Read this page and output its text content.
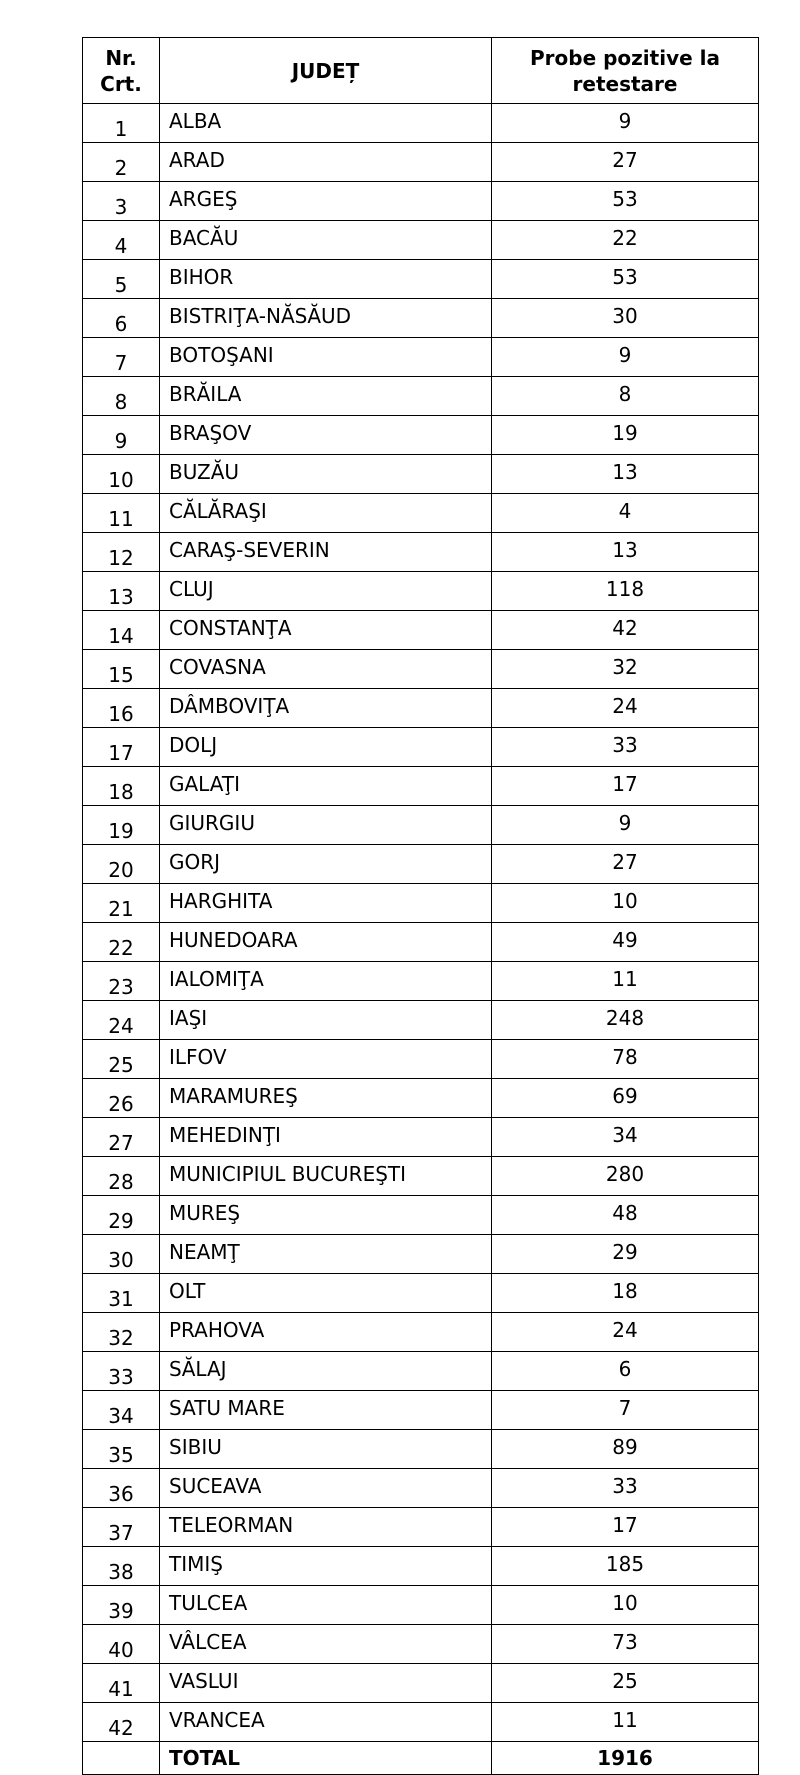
Nr. Crt.	JUDEȚ	Probe pozitive la retestare
1	ALBA	9
2	ARAD	27
3	ARGEŞ	53
4	BACĂU	22
5	BIHOR	53
6	BISTRIŢA-NĂSĂUD	30
7	BOTOŞANI	9
8	BRĂILA	8
9	BRAŞOV	19
10	BUZĂU	13
11	CĂLĂRAŞI	4
12	CARAŞ-SEVERIN	13
13	CLUJ	118
14	CONSTANŢA	42
15	COVASNA	32
16	DÂMBOVIŢA	24
17	DOLJ	33
18	GALAŢI	17
19	GIURGIU	9
20	GORJ	27
21	HARGHITA	10
22	HUNEDOARA	49
23	IALOMIŢA	11
24	IAŞI	248
25	ILFOV	78
26	MARAMUREŞ	69
27	MEHEDINŢI	34
28	MUNICIPIUL BUCUREŞTI	280
29	MUREŞ	48
30	NEAMŢ	29
31	OLT	18
32	PRAHOVA	24
33	SĂLAJ	6
34	SATU MARE	7
35	SIBIU	89
36	SUCEAVA	33
37	TELEORMAN	17
38	TIMIŞ	185
39	TULCEA	10
40	VÂLCEA	73
41	VASLUI	25
42	VRANCEA	11
	TOTAL	1916
